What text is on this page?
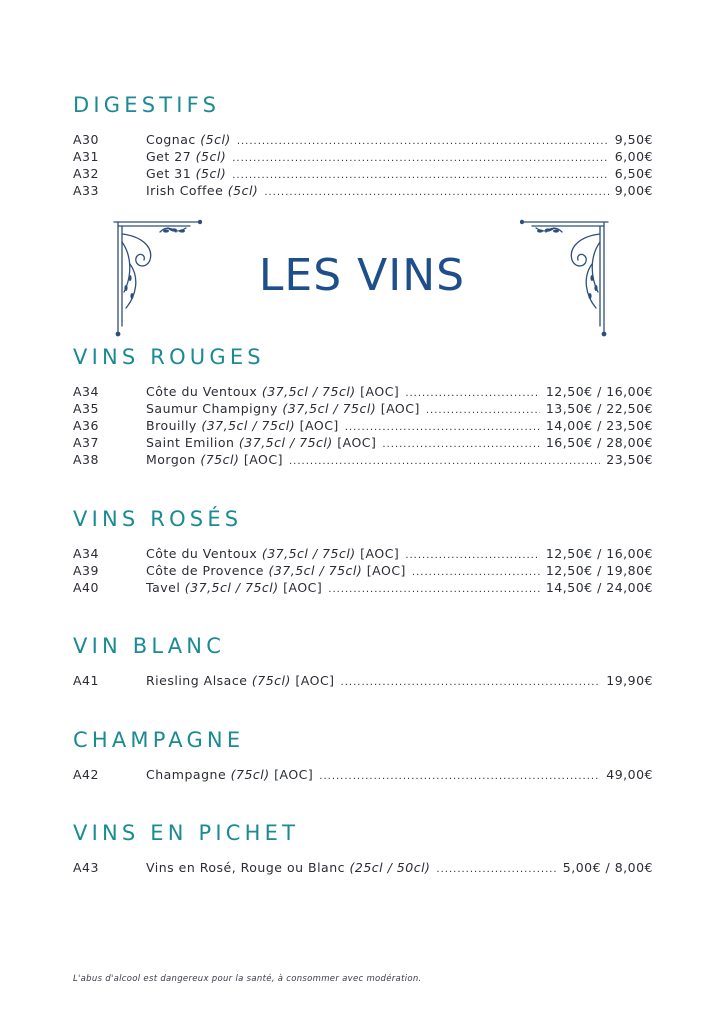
DIGESTIFS
A30	Cognac (5cl) .....	9,50€
A31	Get 27 (5cl) .....	6,00€
A32	Get 31 (5cl) .....	6,50€
A33	Irish Coffee (5cl) .....	9,00€
LES VINS
VINS ROUGES
A34	Côte du Ventoux (37,5cl / 75cl) [AOC] .....	12,50€ / 16,00€
A35	Saumur Champigny (37,5cl / 75cl) [AOC] .....	13,50€ / 22,50€
A36	Brouilly (37,5cl / 75cl) [AOC] .....	14,00€ / 23,50€
A37	Saint Emilion (37,5cl / 75cl) [AOC] .....	16,50€ / 28,00€
A38	Morgon (75cl) [AOC] .....	23,50€
VINS ROSÉS
A34	Côte du Ventoux (37,5cl / 75cl) [AOC] .....	12,50€ / 16,00€
A39	Côte de Provence (37,5cl / 75cl) [AOC] .....	12,50€ / 19,80€
A40	Tavel (37,5cl / 75cl) [AOC] .....	14,50€ / 24,00€
VIN BLANC
A41	Riesling Alsace (75cl) [AOC] .....	19,90€
CHAMPAGNE
A42	Champagne (75cl) [AOC] .....	49,00€
VINS EN PICHET
A43	Vins en Rosé, Rouge ou Blanc (25cl / 50cl) .....	5,00€ / 8,00€
L'abus d'alcool est dangereux pour la santé, à consommer avec modération.
